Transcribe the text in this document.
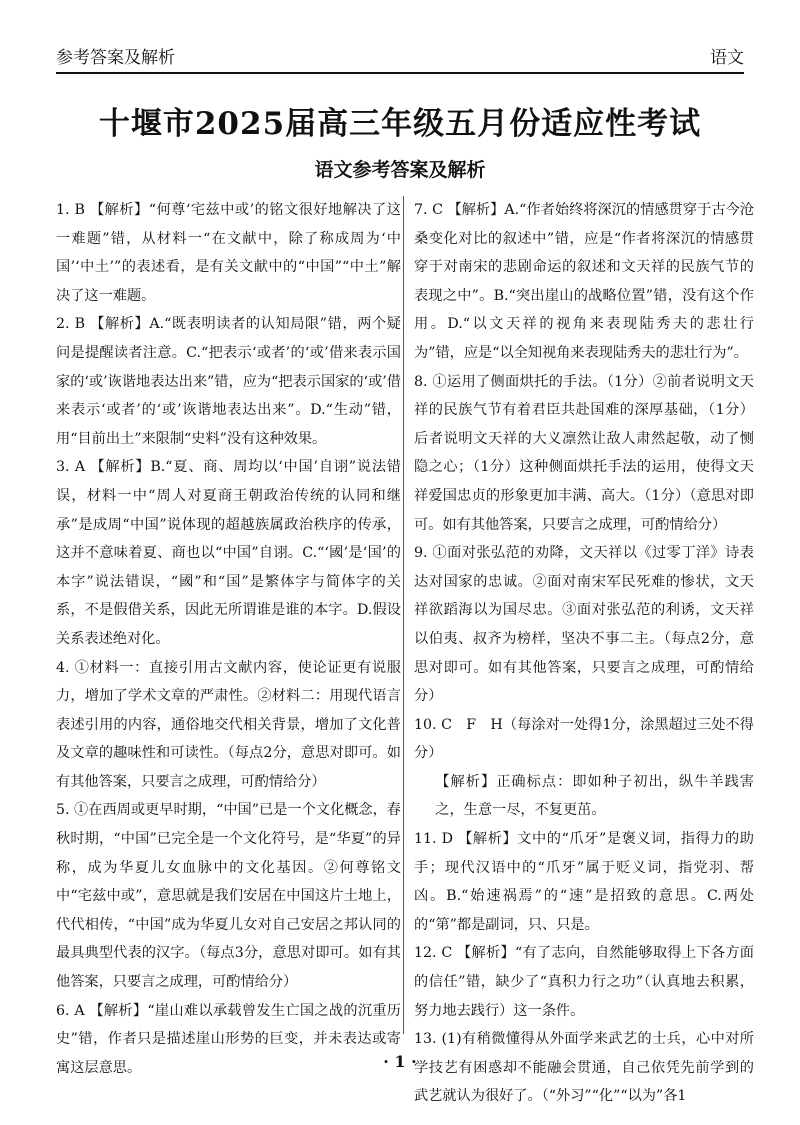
参考答案及解析	语文
十堰市2025届高三年级五月份适应性考试
语文参考答案及解析

1. B 【解析】“何尊‘宅兹中或’的铭文很好地解决了这一难题”错，从材料一“在文献中，除了称成周为‘中国’‘中土’”的表述看，是有关文献中的“中国”“中土”解决了这一难题。

2. B 【解析】A.“既表明读者的认知局限”错，两个疑问是提醒读者注意。C.“把表示‘或者’的‘或’借来表示国家的‘或’诙谐地表达出来”错，应为“把表示国家的‘或’借来表示‘或者’的‘或’诙谐地表达出来”。D.“生动”错，用“目前出土”来限制“史料”没有这种效果。

3. A 【解析】B.“夏、商、周均以‘中国’自诩”说法错误，材料一中“周人对夏商王朝政治传统的认同和继承”是成周“中国”说体现的超越族属政治秩序的传承，这并不意味着夏、商也以“中国”自诩。C.“‘國’是‘国’的本字”说法错误，“國”和“国”是繁体字与简体字的关系，不是假借关系，因此无所谓谁是谁的本字。D.假设关系表述绝对化。

4. ①材料一：直接引用古文献内容，使论证更有说服力，增加了学术文章的严肃性。②材料二：用现代语言表述引用的内容，通俗地交代相关背景，增加了文化普及文章的趣味性和可读性。（每点2分，意思对即可。如有其他答案，只要言之成理，可酌情给分）

5. ①在西周或更早时期，“中国”已是一个文化概念，春秋时期，“中国”已完全是一个文化符号，是“华夏”的异称，成为华夏儿女血脉中的文化基因。②何尊铭文中“宅兹中或”，意思就是我们安居在中国这片土地上，代代相传，“中国”成为华夏儿女对自己安居之邦认同的最具典型代表的汉字。（每点3分，意思对即可。如有其他答案，只要言之成理，可酌情给分）

6. A 【解析】“崖山难以承载曾发生亡国之战的沉重历史”错，作者只是描述崖山形势的巨变，并未表达或寄寓这层意思。

7. C 【解析】A.“作者始终将深沉的情感贯穿于古今沧桑变化对比的叙述中”错，应是“作者将深沉的情感贯穿于对南宋的悲剧命运的叙述和文天祥的民族气节的表现之中”。B.“突出崖山的战略位置”错，没有这个作用。D.“以文天祥的视角来表现陆秀夫的悲壮行为”错，应是“以全知视角来表现陆秀夫的悲壮行为”。

8. ①运用了侧面烘托的手法。（1分）②前者说明文天祥的民族气节有着君臣共赴国难的深厚基础，（1分）后者说明文天祥的大义凛然让敌人肃然起敬，动了恻隐之心；（1分）这种侧面烘托手法的运用，使得文天祥爱国忠贞的形象更加丰满、高大。（1分）（意思对即可。如有其他答案，只要言之成理，可酌情给分）

9. ①面对张弘范的劝降，文天祥以《过零丁洋》诗表达对国家的忠诚。②面对南宋军民死难的惨状，文天祥欲蹈海以为国尽忠。③面对张弘范的利诱，文天祥以伯夷、叔齐为榜样，坚决不事二主。（每点2分，意思对即可。如有其他答案，只要言之成理，可酌情给分）

10. C　F　H（每涂对一处得1分，涂黑超过三处不得分）

【解析】正确标点：即如种子初出，纵牛羊践害之，生意一尽，不复更茁。

11. D 【解析】文中的“爪牙”是褒义词，指得力的助手；现代汉语中的“爪牙”属于贬义词，指党羽、帮凶。B.“始速祸焉”的“速”是招致的意思。C.两处的“第”都是副词，只、只是。

12. C 【解析】“有了志向，自然能够取得上下各方面的信任”错，缺少了“真积力行之功”（认真地去积累，努力地去践行）这一条件。

13. (1)有稍微懂得从外面学来武艺的士兵，心中对所学技艺有困惑却不能融会贯通，自己依凭先前学到的武艺就认为很好了。（“外习”“化”“以为”各1

· 1 ·
